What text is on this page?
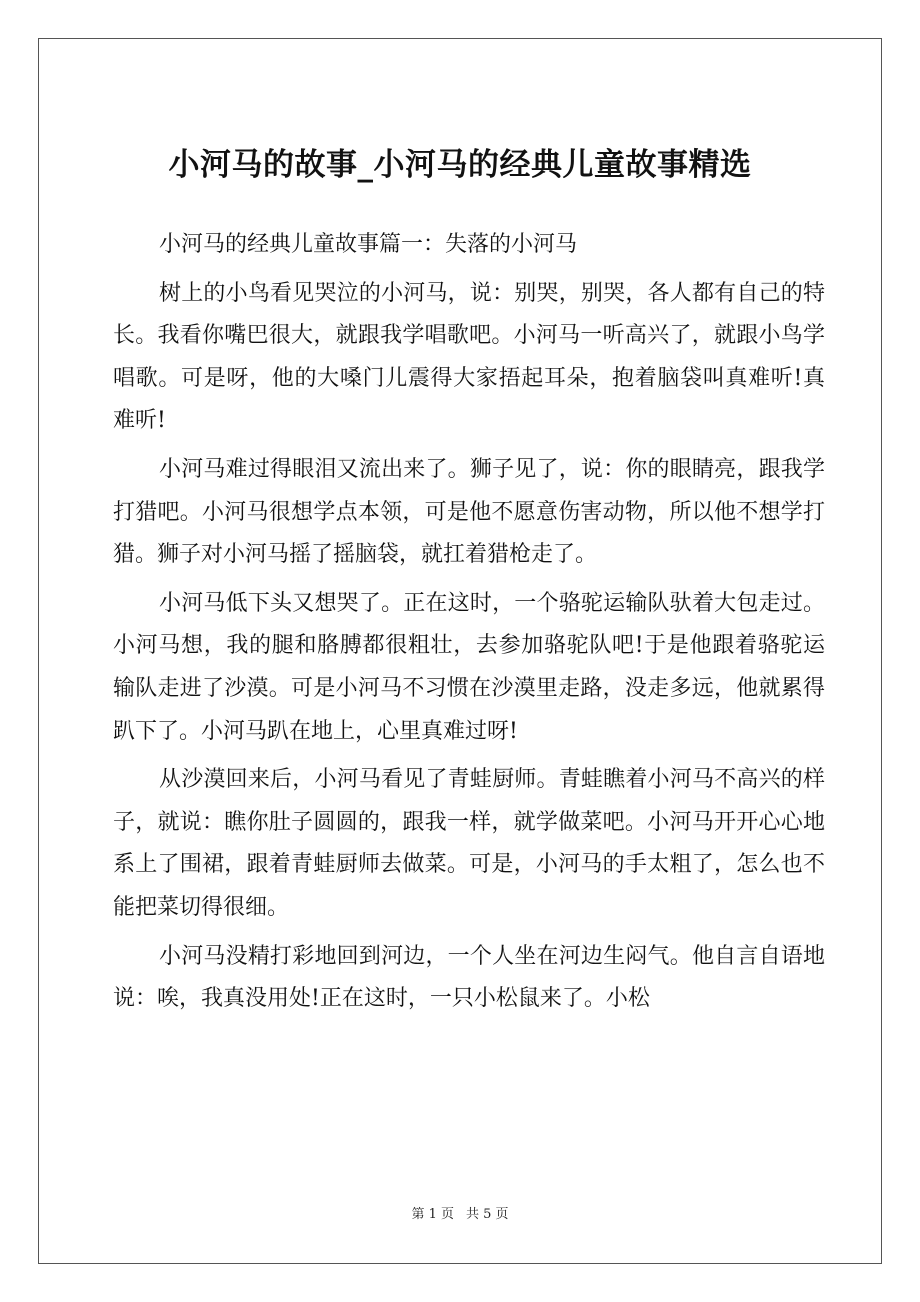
小河马的故事_小河马的经典儿童故事精选

小河马的经典儿童故事篇一：失落的小河马

树上的小鸟看见哭泣的小河马，说：别哭，别哭，各人都有自己的特长。我看你嘴巴很大，就跟我学唱歌吧。小河马一听高兴了，就跟小鸟学唱歌。可是呀，他的大嗓门儿震得大家捂起耳朵，抱着脑袋叫真难听!真难听!

小河马难过得眼泪又流出来了。狮子见了，说：你的眼睛亮，跟我学打猎吧。小河马很想学点本领，可是他不愿意伤害动物，所以他不想学打猎。狮子对小河马摇了摇脑袋，就扛着猎枪走了。

小河马低下头又想哭了。正在这时，一个骆驼运输队驮着大包走过。小河马想，我的腿和胳膊都很粗壮，去参加骆驼队吧!于是他跟着骆驼运输队走进了沙漠。可是小河马不习惯在沙漠里走路，没走多远，他就累得趴下了。小河马趴在地上，心里真难过呀!

从沙漠回来后，小河马看见了青蛙厨师。青蛙瞧着小河马不高兴的样子，就说：瞧你肚子圆圆的，跟我一样，就学做菜吧。小河马开开心心地系上了围裙，跟着青蛙厨师去做菜。可是，小河马的手太粗了，怎么也不能把菜切得很细。

小河马没精打彩地回到河边，一个人坐在河边生闷气。他自言自语地说：唉，我真没用处!正在这时，一只小松鼠来了。小松

第 1 页 共 5 页
